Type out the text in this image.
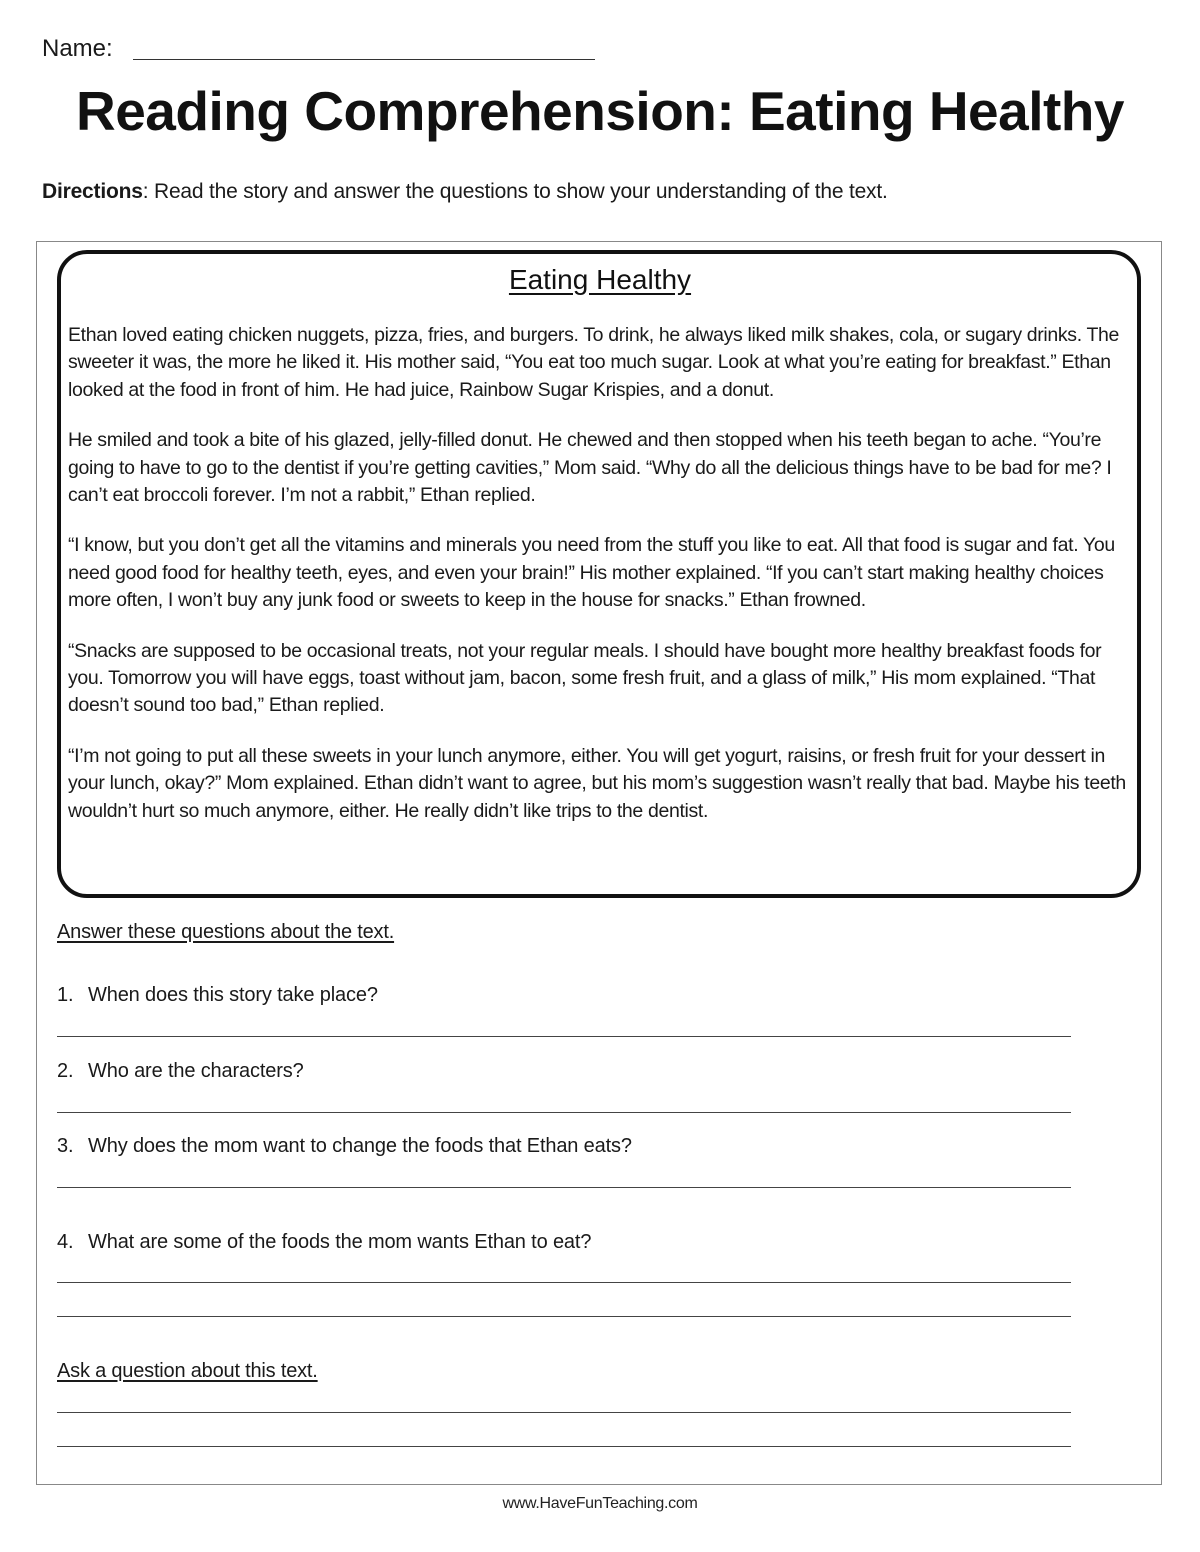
Name:
Reading Comprehension: Eating Healthy
Directions: Read the story and answer the questions to show your understanding of the text.
Eating Healthy

Ethan loved eating chicken nuggets, pizza, fries, and burgers. To drink, he always liked milk shakes, cola, or sugary drinks. The sweeter it was, the more he liked it. His mother said, “You eat too much sugar. Look at what you’re eating for breakfast.” Ethan looked at the food in front of him. He had juice, Rainbow Sugar Krispies, and a donut.

He smiled and took a bite of his glazed, jelly-filled donut. He chewed and then stopped when his teeth began to ache. “You’re going to have to go to the dentist if you’re getting cavities,” Mom said. “Why do all the delicious things have to be bad for me? I can’t eat broccoli forever. I’m not a rabbit,” Ethan replied.

“I know, but you don’t get all the vitamins and minerals you need from the stuff you like to eat. All that food is sugar and fat. You need good food for healthy teeth, eyes, and even your brain!” His mother explained. “If you can’t start making healthy choices more often, I won’t buy any junk food or sweets to keep in the house for snacks.” Ethan frowned.

“Snacks are supposed to be occasional treats, not your regular meals. I should have bought more healthy breakfast foods for you. Tomorrow you will have eggs, toast without jam, bacon, some fresh fruit, and a glass of milk,” His mom explained. “That doesn’t sound too bad,” Ethan replied.

“I’m not going to put all these sweets in your lunch anymore, either. You will get yogurt, raisins, or fresh fruit for your dessert in your lunch, okay?” Mom explained. Ethan didn’t want to agree, but his mom’s suggestion wasn’t really that bad. Maybe his teeth wouldn’t hurt so much anymore, either. He really didn’t like trips to the dentist.

Answer these questions about the text.
1. When does this story take place?
2. Who are the characters?
3. Why does the mom want to change the foods that Ethan eats?
4. What are some of the foods the mom wants Ethan to eat?
Ask a question about this text.
www.HaveFunTeaching.com
